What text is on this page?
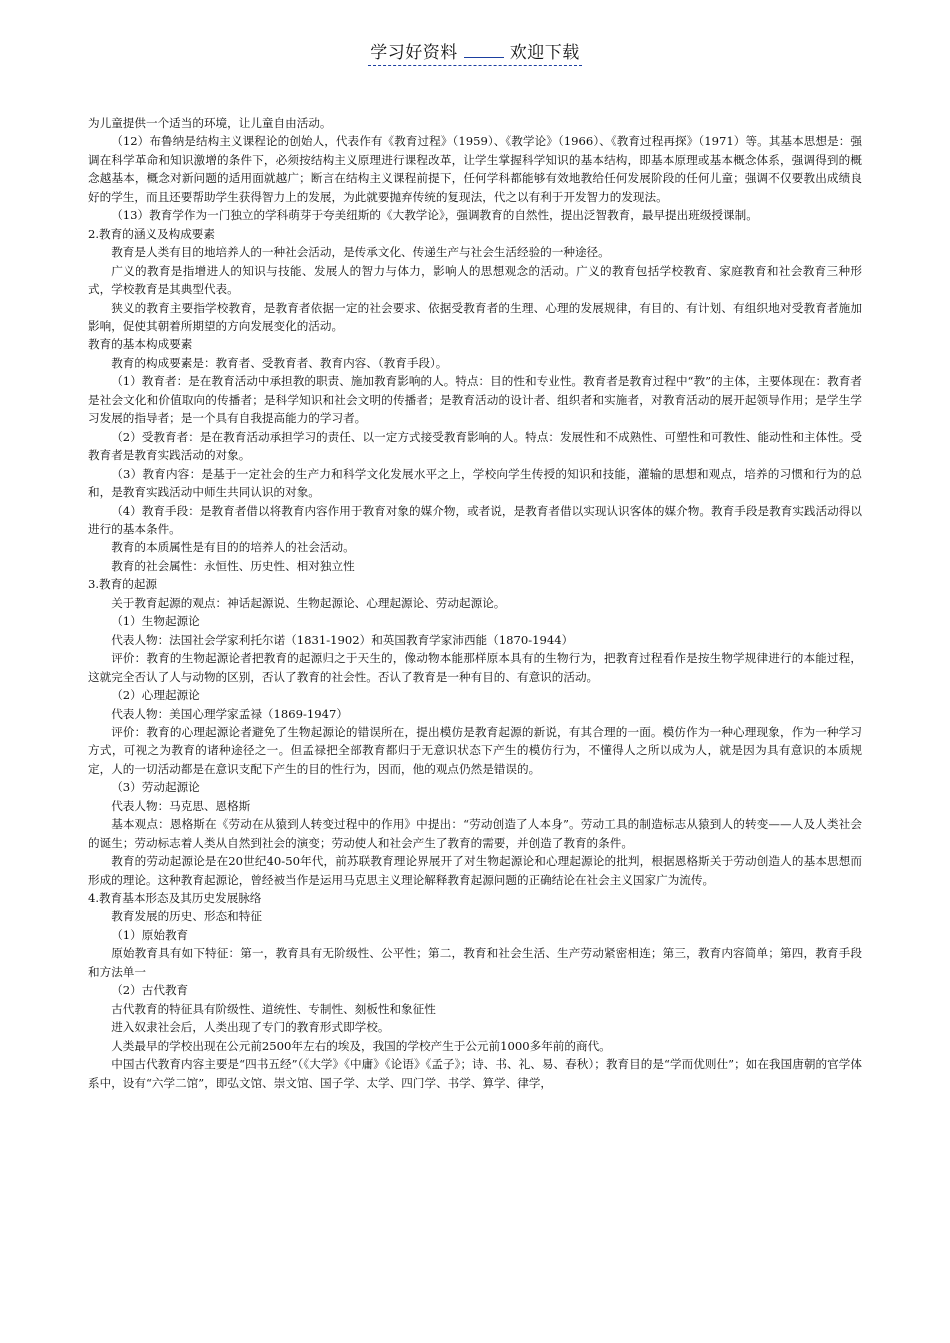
学习好资料	欢迎下载

为儿童提供一个适当的环境，让儿童自由活动。

（12）布鲁纳是结构主义课程论的创始人，代表作有《教育过程》（1959）、《教学论》（1966）、《教育过程再探》（1971）等。其基本思想是：强调在科学革命和知识激增的条件下，必须按结构主义原理进行课程改革，让学生掌握科学知识的基本结构，即基本原理或基本概念体系，强调得到的概念越基本，概念对新问题的适用面就越广；断言在结构主义课程前提下，任何学科都能够有效地教给任何发展阶段的任何儿童；强调不仅要教出成绩良好的学生，而且还要帮助学生获得智力上的发展，为此就要抛弃传统的复现法，代之以有利于开发智力的发现法。

（13）教育学作为一门独立的学科萌芽于夸美纽斯的《大教学论》，强调教育的自然性，提出泛智教育，最早提出班级授课制。

2.教育的涵义及构成要素

教育是人类有目的地培养人的一种社会活动，是传承文化、传递生产与社会生活经验的一种途径。

广义的教育是指增进人的知识与技能、发展人的智力与体力，影响人的思想观念的活动。广义的教育包括学校教育、家庭教育和社会教育三种形式，学校教育是其典型代表。

狭义的教育主要指学校教育，是教育者依据一定的社会要求、依据受教育者的生理、心理的发展规律，有目的、有计划、有组织地对受教育者施加影响，促使其朝着所期望的方向发展变化的活动。

教育的基本构成要素

教育的构成要素是：教育者、受教育者、教育内容、（教育手段）。

（1）教育者：是在教育活动中承担教的职责、施加教育影响的人。特点：目的性和专业性。教育者是教育过程中“教”的主体，主要体现在：教育者是社会文化和价值取向的传播者；是科学知识和社会文明的传播者；是教育活动的设计者、组织者和实施者，对教育活动的展开起领导作用；是学生学习发展的指导者；是一个具有自我提高能力的学习者。

（2）受教育者：是在教育活动承担学习的责任、以一定方式接受教育影响的人。特点：发展性和不成熟性、可塑性和可教性、能动性和主体性。受教育者是教育实践活动的对象。

（3）教育内容：是基于一定社会的生产力和科学文化发展水平之上，学校向学生传授的知识和技能，灌输的思想和观点，培养的习惯和行为的总和，是教育实践活动中师生共同认识的对象。

（4）教育手段：是教育者借以将教育内容作用于教育对象的媒介物，或者说，是教育者借以实现认识客体的媒介物。教育手段是教育实践活动得以进行的基本条件。

教育的本质属性是有目的的培养人的社会活动。

教育的社会属性：永恒性、历史性、相对独立性

3.教育的起源

关于教育起源的观点：神话起源说、生物起源论、心理起源论、劳动起源论。

（1）生物起源论

代表人物：法国社会学家利托尔诺（1831-1902）和英国教育学家沛西能（1870-1944）

评价：教育的生物起源论者把教育的起源归之于天生的，像动物本能那样原本具有的生物行为，把教育过程看作是按生物学规律进行的本能过程，这就完全否认了人与动物的区别，否认了教育的社会性。否认了教育是一种有目的、有意识的活动。

（2）心理起源论

代表人物：美国心理学家孟禄（1869-1947）

评价：教育的心理起源论者避免了生物起源论的错误所在，提出模仿是教育起源的新说，有其合理的一面。模仿作为一种心理现象，作为一种学习方式，可视之为教育的诸种途径之一。但孟禄把全部教育都归于无意识状态下产生的模仿行为，不懂得人之所以成为人，就是因为具有意识的本质规定，人的一切活动都是在意识支配下产生的目的性行为，因而，他的观点仍然是错误的。

（3）劳动起源论

代表人物：马克思、恩格斯

基本观点：恩格斯在《劳动在从猿到人转变过程中的作用》中提出：“劳动创造了人本身”。劳动工具的制造标志从猿到人的转变——人及人类社会的诞生；劳动标志着人类从自然到社会的演变；劳动使人和社会产生了教育的需要，并创造了教育的条件。

教育的劳动起源论是在20世纪40-50年代，前苏联教育理论界展开了对生物起源论和心理起源论的批判，根据恩格斯关于劳动创造人的基本思想而形成的理论。这种教育起源论，曾经被当作是运用马克思主义理论解释教育起源问题的正确结论在社会主义国家广为流传。

4.教育基本形态及其历史发展脉络

教育发展的历史、形态和特征

（1）原始教育

原始教育具有如下特征：第一，教育具有无阶级性、公平性；第二，教育和社会生活、生产劳动紧密相连；第三，教育内容简单；第四，教育手段和方法单一

（2）古代教育

古代教育的特征具有阶级性、道统性、专制性、刻板性和象征性

进入奴隶社会后，人类出现了专门的教育形式即学校。

人类最早的学校出现在公元前2500年左右的埃及，我国的学校产生于公元前1000多年前的商代。

中国古代教育内容主要是“四书五经”（《大学》《中庸》《论语》《孟子》；诗、书、礼、易、春秋）；教育目的是“学而优则仕”；如在我国唐朝的官学体系中，设有“六学二馆”，即弘文馆、崇文馆、国子学、太学、四门学、书学、算学、律学，
